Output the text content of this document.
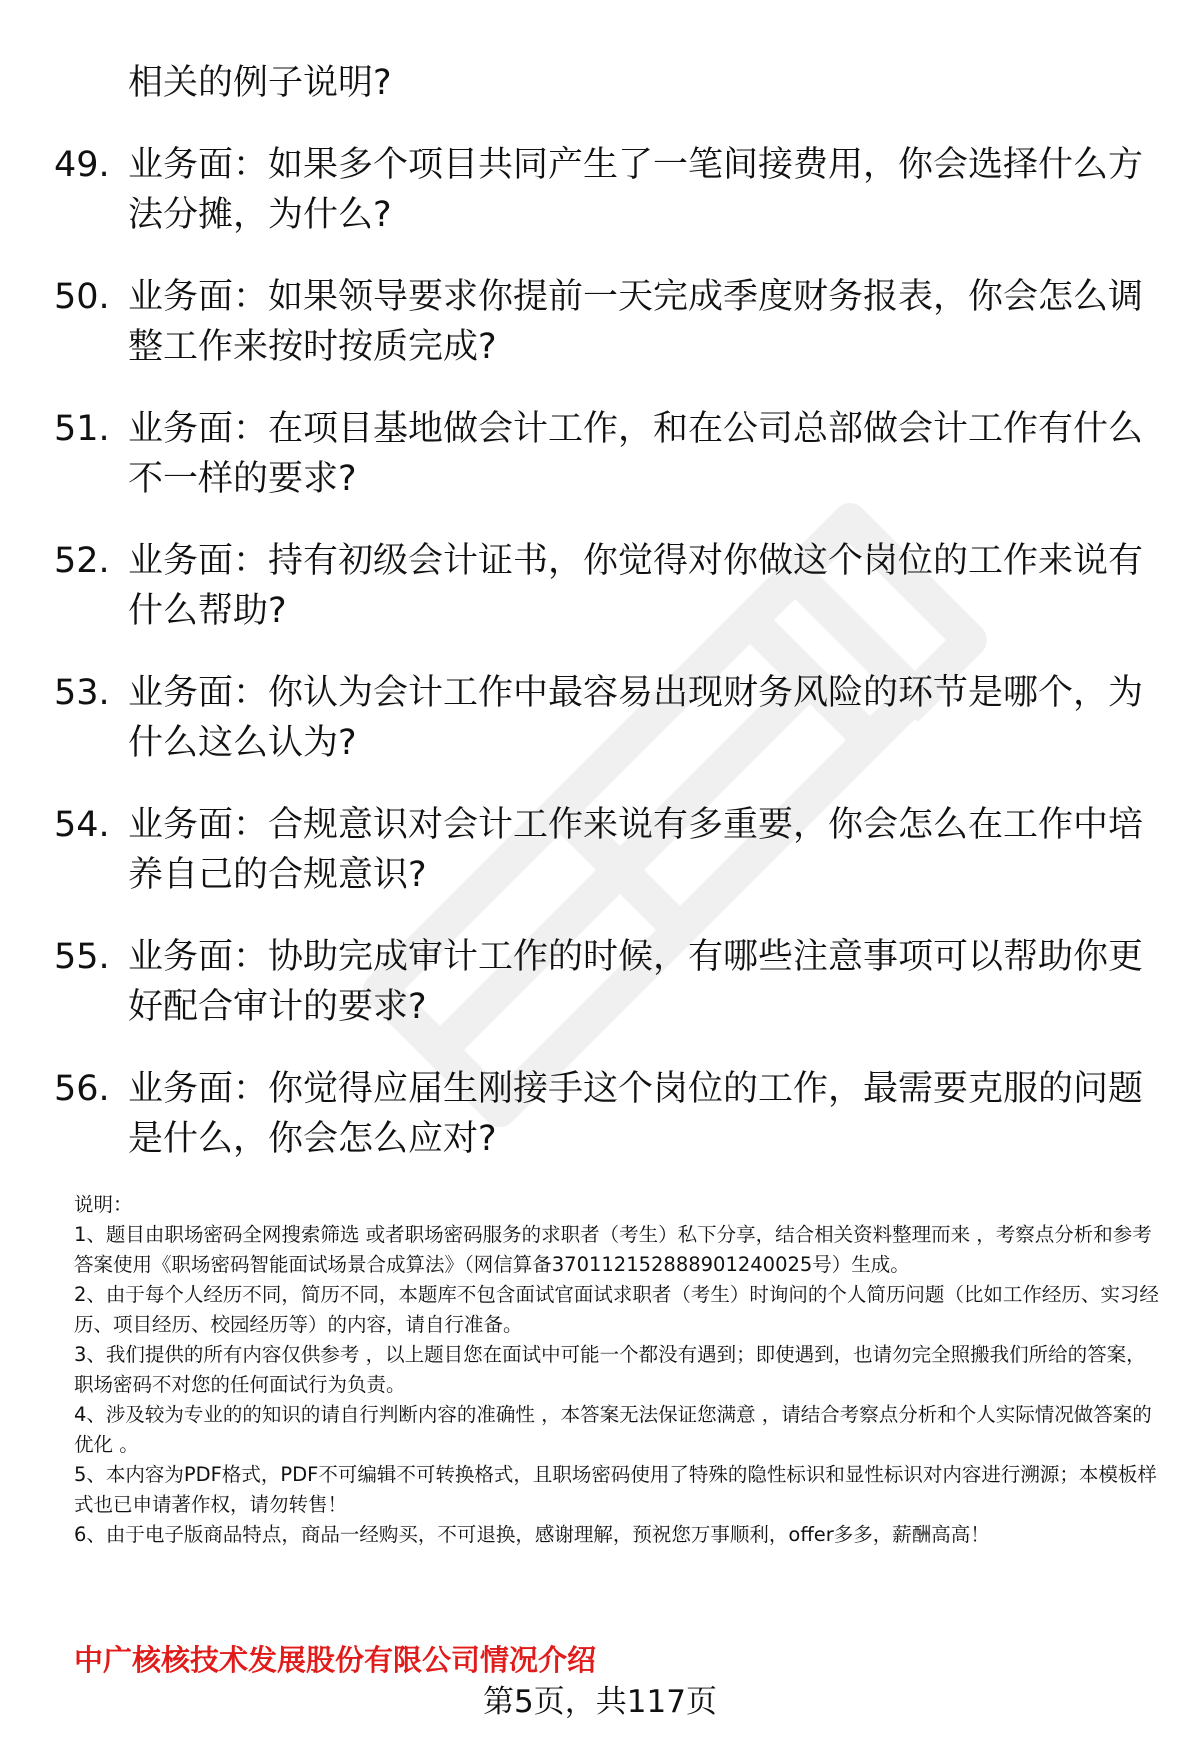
相关的例子说明?

49. 业务面：如果多个项目共同产生了一笔间接费用，你会选择什么方法分摊，为什么?

50. 业务面：如果领导要求你提前一天完成季度财务报表，你会怎么调整工作来按时按质完成?

51. 业务面：在项目基地做会计工作，和在公司总部做会计工作有什么不一样的要求?

52. 业务面：持有初级会计证书，你觉得对你做这个岗位的工作来说有什么帮助?

53. 业务面：你认为会计工作中最容易出现财务风险的环节是哪个，为什么这么认为?

54. 业务面：合规意识对会计工作来说有多重要，你会怎么在工作中培养自己的合规意识?

55. 业务面：协助完成审计工作的时候，有哪些注意事项可以帮助你更好配合审计的要求?

56. 业务面：你觉得应届生刚接手这个岗位的工作，最需要克服的问题是什么，你会怎么应对?

说明：

1、题目由职场密码全网搜索筛选 或者职场密码服务的求职者（考生）私下分享，结合相关资料整理而来 ，考察点分析和参考答案使用《职场密码智能面试场景合成算法》（网信算备370112152888901240025号）生成。

2、由于每个人经历不同，简历不同，本题库不包含面试官面试求职者（考生）时询问的个人简历问题（比如工作经历、实习经历、项目经历、校园经历等）的内容，请自行准备。

3、我们提供的所有内容仅供参考 ，以上题目您在面试中可能一个都没有遇到；即使遇到，也请勿完全照搬我们所给的答案，职场密码不对您的任何面试行为负责。

4、涉及较为专业的的知识的请自行判断内容的准确性 ，本答案无法保证您满意 ，请结合考察点分析和个人实际情况做答案的优化 。

5、本内容为PDF格式，PDF不可编辑不可转换格式，且职场密码使用了特殊的隐性标识和显性标识对内容进行溯源；本模板样式也已申请著作权，请勿转售！

6、由于电子版商品特点，商品一经购买，不可退换，感谢理解，预祝您万事顺利，offer多多，薪酬高高！

中广核核技术发展股份有限公司情况介绍

第5页，共117页
